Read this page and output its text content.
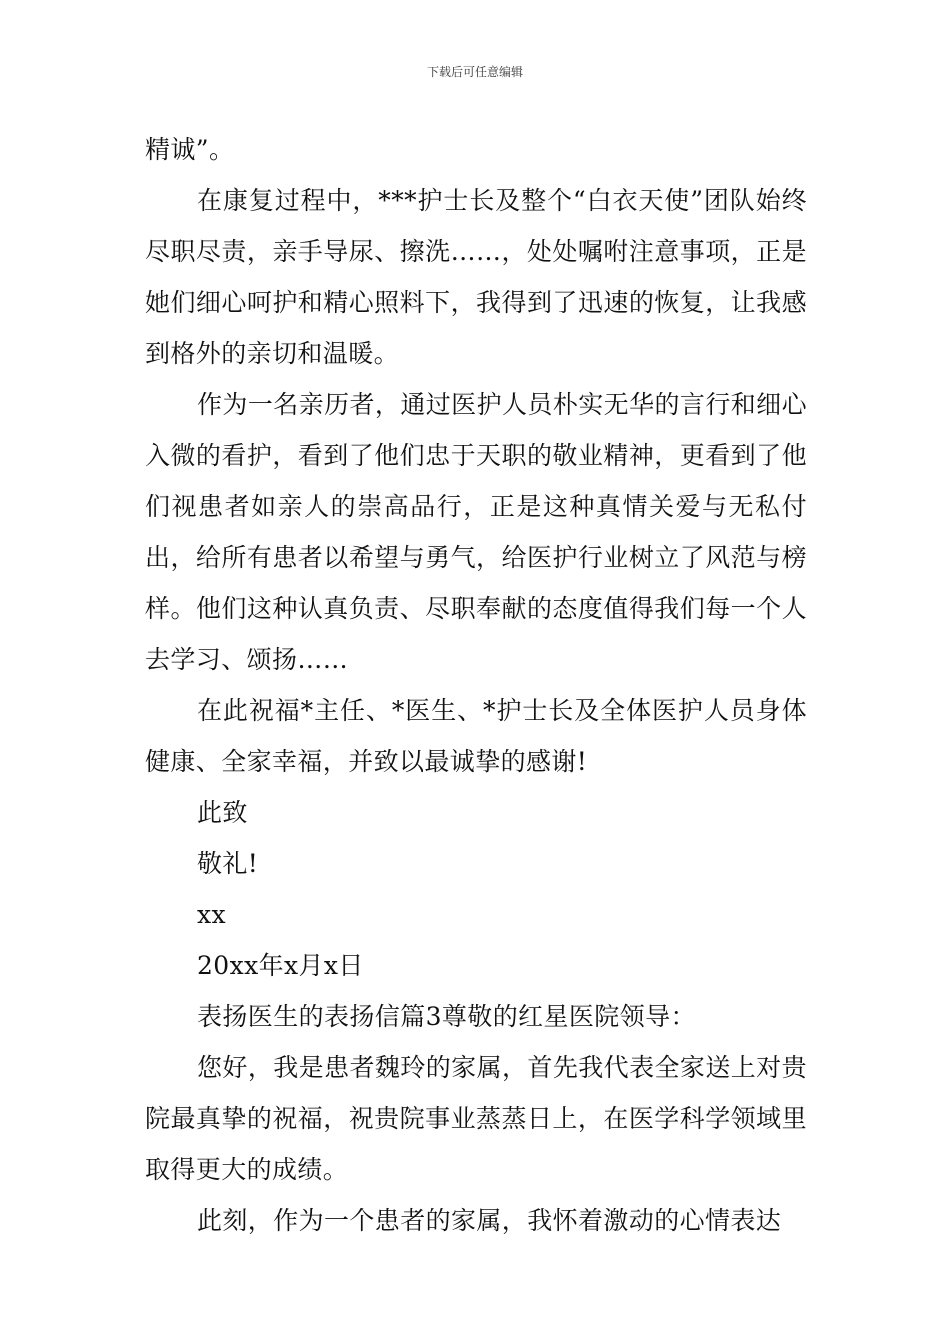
下载后可任意编辑

精诚”。

在康复过程中，***护士长及整个“白衣天使”团队始终尽职尽责，亲手导尿、擦洗……，处处嘱咐注意事项，正是她们细心呵护和精心照料下，我得到了迅速的恢复，让我感到格外的亲切和温暖。

作为一名亲历者，通过医护人员朴实无华的言行和细心入微的看护，看到了他们忠于天职的敬业精神，更看到了他们视患者如亲人的崇高品行，正是这种真情关爱与无私付出，给所有患者以希望与勇气，给医护行业树立了风范与榜样。他们这种认真负责、尽职奉献的态度值得我们每一个人去学习、颂扬……

在此祝福*主任、*医生、*护士长及全体医护人员身体健康、全家幸福，并致以最诚挚的感谢!

此致

敬礼!

xx

20xx年x月x日

表扬医生的表扬信篇3尊敬的红星医院领导：

您好，我是患者魏玲的家属，首先我代表全家送上对贵院最真挚的祝福，祝贵院事业蒸蒸日上，在医学科学领域里取得更大的成绩。

此刻，作为一个患者的家属，我怀着激动的心情表达
